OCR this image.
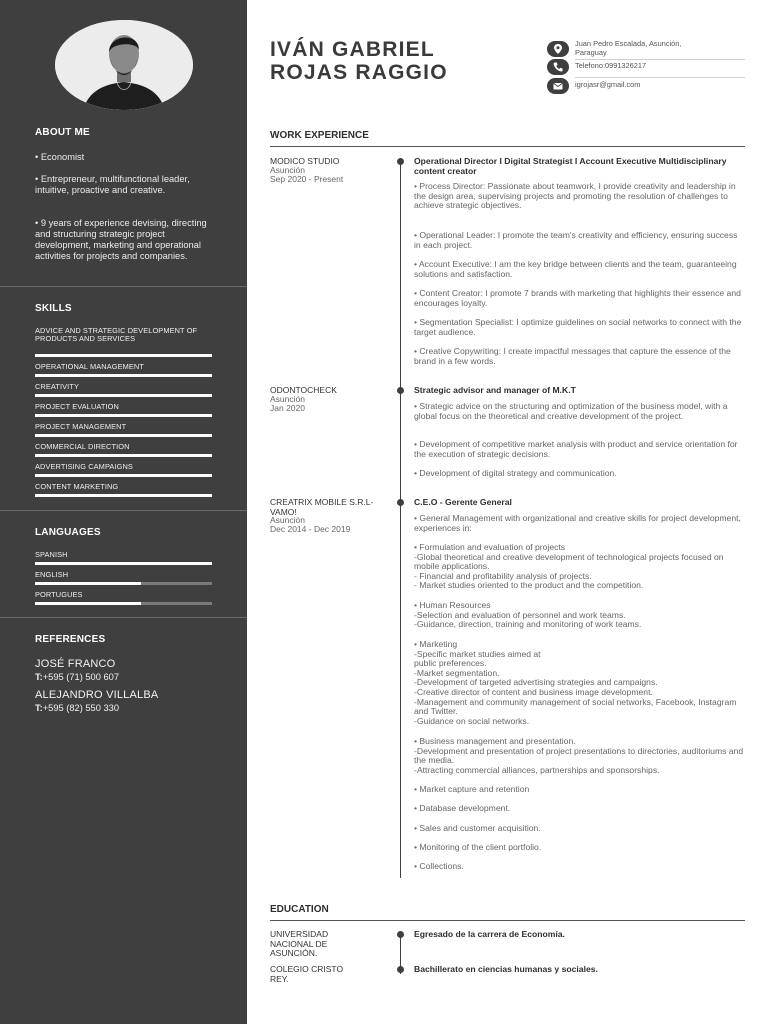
ABOUT ME
• Economist
• Entrepreneur, multifunctional leader, intuitive, proactive and creative.
• 9 years of experience devising, directing and structuring strategic project development, marketing and operational activities for projects and companies.
SKILLS
ADVICE AND STRATEGIC DEVELOPMENT OF PRODUCTS AND SERVICES
OPERATIONAL MANAGEMENT
CREATIVITY
PROJECT EVALUATION
PROJECT MANAGEMENT
COMMERCIAL DIRECTION
ADVERTISING CAMPAIGNS
CONTENT MARKETING
LANGUAGES
SPANISH
ENGLISH
PORTUGUES
REFERENCES
JOSÉ FRANCO
T:+595 (71) 500 607
ALEJANDRO VILLALBA
T:+595 (82) 550 330
IVÁN GABRIEL
ROJAS RAGGIO
Juan Pedro Escalada, Asunción, Paraguay
Telefono:0991326217
igrojasr@gmail.com
WORK EXPERIENCE
MODICO STUDIO
Asunción
Sep 2020 - Present
Operational Director I Digital Strategist I Account Executive Multidisciplinary content creator
• Process Director: Passionate about teamwork, I provide creativity and leadership in the design area, supervising projects and promoting the resolution of challenges to achieve strategic objectives.
• Operational Leader: I promote the team's creativity and efficiency, ensuring success in each project.
• Account Executive: I am the key bridge between clients and the team, guaranteeing solutions and satisfaction.
• Content Creator: I promote 7 brands with marketing that highlights their essence and encourages loyalty.
• Segmentation Specialist: I optimize guidelines on social networks to connect with the target audience.
• Creative Copywriting: I create impactful messages that capture the essence of the brand in a few words.
ODONTOCHECK
Asunción
Jan 2020
Strategic advisor and manager of M.K.T
• Strategic advice on the structuring and optimization of the business model, with a global focus on the theoretical and creative development of the project.
• Development of competitive market analysis with product and service orientation for the execution of strategic decisions.
• Development of digital strategy and communication.
CREATRIX MOBILE S.R.L- VAMO!
Asunción
Dec 2014 - Dec 2019
C.E.O - Gerente General
• General Management with organizational and creative skills for project development, experiences in:
• Formulation and evaluation of projects
-Global theoretical and creative development of technological projects focused on mobile applications.
- Financial and profitability analysis of projects.
- Market studies oriented to the product and the competition.
• Human Resources
-Selection and evaluation of personnel and work teams.
-Guidance, direction, training and monitoring of work teams.
• Marketing
-Specific market studies aimed at
public preferences.
-Market segmentation.
-Development of targeted advertising strategies and campaigns.
-Creative director of content and business image development.
-Management and community management of social networks, Facebook, Instagram and Twitter.
-Guidance on social networks.
• Business management and presentation.
-Development and presentation of project presentations to directories, auditoriums and the media.
-Attracting commercial alliances, partnerships and sponsorships.
• Market capture and retention
• Database development.
• Sales and customer acquisition.
• Monitoring of the client portfolio.
• Collections.
EDUCATION
UNIVERSIDAD NACIONAL DE ASUNCIÓN.
Egresado de la carrera de Economía.
COLEGIO CRISTO REY.
Bachillerato en ciencias humanas y sociales.
